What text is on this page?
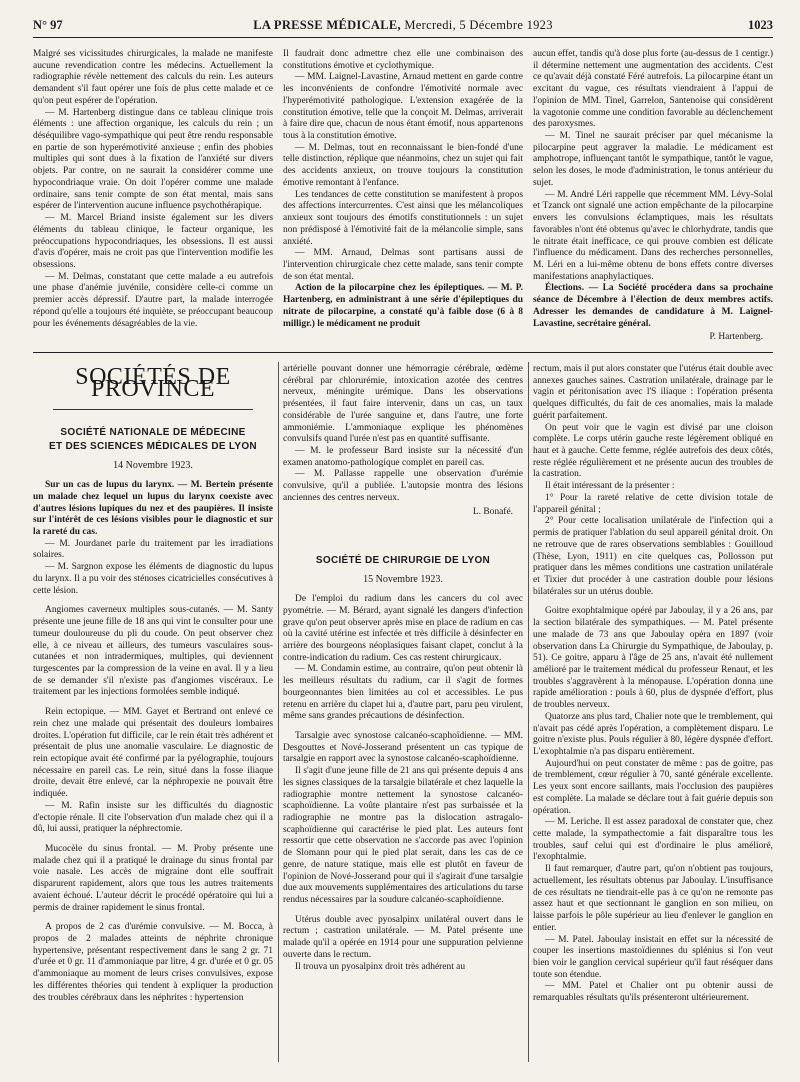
N° 97	LA PRESSE MÉDICALE, Mercredi, 5 Décembre 1923	1023

Malgré ses vicissitudes chirurgicales, la malade ne manifeste aucune revendication contre les médecins. Actuellement la radiographie révèle nettement des calculs du rein. Les auteurs demandent s'il faut opérer une fois de plus cette malade et ce qu'on peut espérer de l'opération.

— M. Hartenberg distingue dans ce tableau clinique trois éléments : une affection organique, les calculs du rein ; un déséquilibre vago-sympathique qui peut être rendu responsable en partie de son hyperémotivité anxieuse ; enfin des phobies multiples qui sont dues à la fixation de l'anxiété sur divers objets. Par contre, on ne saurait la considérer comme une hypocondriaque vraie. On doit l'opérer comme une malade ordinaire, sans tenir compte de son état mental, mais sans espérer de l'intervention aucune influence psychothérapique.

— M. Marcel Briand insiste également sur les divers éléments du tableau clinique, le facteur organique, les préoccupations hypocondriaques, les obsessions. Il est aussi d'avis d'opérer, mais ne croit pas que l'intervention modifie les obsessions.

— M. Delmas, constatant que cette malade a eu autrefois une phase d'anémie juvénile, considère celle-ci comme un premier accès dépressif. D'autre part, la malade interrogée répond qu'elle a toujours été inquiète, se préoccupant beaucoup pour les événements désagréables de la vie.

Il faudrait donc admettre chez elle une combinaison des constitutions émotive et cyclothymique.

— MM. Laignel-Lavastine, Arnaud mettent en garde contre les inconvénients de confondre l'émotivité normale avec l'hyperémotivité pathologique. L'extension exagérée de la constitution émotive, telle que la conçoit M. Delmas, arriverait à faire dire que, chacun de nous étant émotif, nous appartenons tous à la constitution émotive.

— M. Delmas, tout en reconnaissant le bien-fondé d'une telle distinction, réplique que néanmoins, chez un sujet qui fait des accidents anxieux, on trouve toujours la constitution émotive remontant à l'enfance.

Les tendances de cette constitution se manifestent à propos des affections intercurrentes. C'est ainsi que les mélancoliques anxieux sont toujours des émotifs constitutionnels : un sujet non prédisposé à l'émotivité fait de la mélancolie simple, sans anxiété.

— MM. Arnaud, Delmas sont partisans aussi de l'intervention chirurgicale chez cette malade, sans tenir compte de son état mental.

Action de la pilocarpine chez les épileptiques. — M. P. Hartenberg, en administrant à une série d'épileptiques du nitrate de pilocarpine, a constaté qu'à faible dose (6 à 8 milligr.) le médicament ne produit

aucun effet, tandis qu'à dose plus forte (au-dessus de 1 centigr.) il détermine nettement une augmentation des accidents. C'est ce qu'avait déjà constaté Féré autrefois. La pilocarpine étant un excitant du vague, ces résultats viendraient à l'appui de l'opinion de MM. Tinel, Garrelon, Santenoise qui considèrent la vagotonie comme une condition favorable au déclenchement des paroxysmes.

— M. Tinel ne saurait préciser par quel mécanisme la pilocarpine peut aggraver la maladie. Le médicament est amphotrope, influençant tantôt le sympathique, tantôt le vague, selon les doses, le mode d'administration, le tonus antérieur du sujet.

— M. André Léri rappelle que récemment MM. Lévy-Solal et Tzanck ont signalé une action empêchante de la pilocarpine envers les convulsions éclamptiques, mais les résultats favorables n'ont été obtenus qu'avec le chlorhydrate, tandis que le nitrate était inefficace, ce qui prouve combien est délicate l'influence du médicament. Dans des recherches personnelles, M. Léri en a lui-même obtenu de bons effets contre diverses manifestations anaphylactiques.

Élections. — La Société procédera dans sa prochaine séance de Décembre à l'élection de deux membres actifs. Adresser les demandes de candidature à M. Laignel-Lavastine, secrétaire général.

P. Hartenberg.

SOCIÉTÉS DE PROVINCE
SOCIÉTÉ NATIONALE DE MÉDECINE
ET DES SCIENCES MÉDICALES DE LYON
14 Novembre 1923.

Sur un cas de lupus du larynx. — M. Bertein présente un malade chez lequel un lupus du larynx coexiste avec d'autres lésions lupiques du nez et des paupières. Il insiste sur l'intérêt de ces lésions visibles pour le diagnostic et sur la rareté du cas.

— M. Jourdanet parle du traitement par les irradiations solaires.

— M. Sargnon expose les éléments de diagnostic du lupus du larynx. Il a pu voir des sténoses cicatricielles consécutives à cette lésion.

Angiomes caverneux multiples sous-cutanés. — M. Santy présente une jeune fille de 18 ans qui vint le consulter pour une tumeur douloureuse du pli du coude. On peut observer chez elle, à ce niveau et ailleurs, des tumeurs vasculaires sous-cutanées et non intradermiques, multiples, qui deviennent turgescentes par la compression de la veine en aval. Il y a lieu de se demander s'il n'existe pas d'angiomes viscéraux. Le traitement par les injections formolées semble indiqué.

Rein ectopique. — MM. Gayet et Bertrand ont enlevé ce rein chez une malade qui présentait des douleurs lombaires droites. L'opération fut difficile, car le rein était très adhérent et présentait de plus une anomalie vasculaire. Le diagnostic de rein ectopique avait été confirmé par la pyélographie, toujours nécessaire en pareil cas. Le rein, situé dans la fosse iliaque droite, devait être enlevé, car la néphropexie ne pouvait être indiquée.

— M. Rafin insiste sur les difficultés du diagnostic d'ectopie rénale. Il cite l'observation d'un malade chez qui il a dû, lui aussi, pratiquer la néphrectomie.

Mucocèle du sinus frontal. — M. Proby présente une malade chez qui il a pratiqué le drainage du sinus frontal par voie nasale. Les accès de migraine dont elle souffrait disparurent rapidement, alors que tous les autres traitements avaient échoué. L'auteur décrit le procédé opératoire qui lui a permis de drainer rapidement le sinus frontal.

A propos de 2 cas d'urémie convulsive. — M. Bocca, à propos de 2 malades atteints de néphrite chronique hypertensive, présentant respectivement dans le sang 2 gr. 71 d'urée et 0 gr. 11 d'ammoniaque par litre, 4 gr. d'urée et 0 gr. 05 d'ammoniaque au moment de leurs crises convulsives, expose les différentes théories qui tendent à expliquer la production des troubles cérébraux dans les néphrites : hypertension

artérielle pouvant donner une hémorragie cérébrale, œdème cérébral par chlorurémie, intoxication azotée des centres nerveux, méningite urémique. Dans les observations présentées, il faut faire intervenir, dans un cas, un taux considérable de l'urée sanguine et, dans l'autre, une forte ammoniémie. L'ammoniaque explique les phénomènes convulsifs quand l'urée n'est pas en quantité suffisante.

— M. le professeur Bard insiste sur la nécessité d'un examen anatomo-pathologique complet en pareil cas.

— M. Pallasse rappelle une observation d'urémie convulsive, qu'il a publiée. L'autopsie montra des lésions anciennes des centres nerveux.

L. Bonafé.

SOCIÉTÉ DE CHIRURGIE DE LYON
15 Novembre 1923.

De l'emploi du radium dans les cancers du col avec pyométrie. — M. Bérard, ayant signalé les dangers d'infection grave qu'on peut observer après mise en place de radium en cas où la cavité utérine est infectée et très difficile à désinfecter en arrière des bourgeons néoplasiques faisant clapet, conclut à la contre-indication du radium. Ces cas restent chirurgicaux.

— M. Condamin estime, au contraire, qu'on peut obtenir là les meilleurs résultats du radium, car il s'agit de formes bourgeonnantes bien limitées au col et accessibles. Le pus retenu en arrière du clapet lui a, d'autre part, paru peu virulent, même sans grandes précautions de désinfection.

Tarsalgie avec synostose calcanéo-scaphoïdienne. — MM. Desgouttes et Nové-Josserand présentent un cas typique de tarsalgie en rapport avec la synostose calcanéo-scaphoïdienne.

Il s'agit d'une jeune fille de 21 ans qui présente depuis 4 ans les signes classiques de la tarsalgie bilatérale et chez laquelle la radiographie montre nettement la synostose calcanéo-scaphoïdienne. La voûte plantaire n'est pas surbaissée et la radiographie ne montre pas la dislocation astragalo-scaphoïdienne qui caractérise le pied plat. Les auteurs font ressortir que cette observation ne s'accorde pas avec l'opinion de Slomann pour qui le pied plat serait, dans les cas de ce genre, de nature statique, mais elle est plutôt en faveur de l'opinion de Nové-Josserand pour qui il s'agirait d'une tarsalgie due aux mouvements supplémentaires des articulations du tarse rendus nécessaires par la soudure calcanéo-scaphoïdienne.

Utérus double avec pyosalpinx unilatéral ouvert dans le rectum ; castration unilatérale. — M. Patel présente une malade qu'il a opérée en 1914 pour une suppuration pelvienne ouverte dans le rectum.

Il trouva un pyosalpinx droit très adhérent au

rectum, mais il put alors constater que l'utérus était double avec annexes gauches saines. Castration unilatérale, drainage par le vagin et péritonisation avec l'S iliaque : l'opération présenta quelques difficultés, du fait de ces anomalies, mais la malade guérit parfaitement.

On peut voir que le vagin est divisé par une cloison complète. Le corps utérin gauche reste légèrement obliqué en haut et à gauche. Cette femme, réglée autrefois des deux côtés, reste réglée régulièrement et ne présente aucun des troubles de la castration.

Il était intéressant de la présenter :

1° Pour la rareté relative de cette division totale de l'appareil génital ;

2° Pour cette localisation unilatérale de l'infection qui a permis de pratiquer l'ablation du seul appareil génital droit. On ne retrouve que de rares observations semblables : Gouilloud (Thèse, Lyon, 1911) en cite quelques cas, Pollosson put pratiquer dans les mêmes conditions une castration unilatérale et Tixier dut procéder à une castration double pour lésions bilatérales sur un utérus double.

Goitre exophtalmique opéré par Jaboulay, il y a 26 ans, par la section bilatérale des sympathiques. — M. Patel présente une malade de 73 ans que Jaboulay opéra en 1897 (voir observation dans La Chirurgie du Sympathique, de Jaboulay, p. 51). Ce goitre, apparu à l'âge de 25 ans, n'avait été nullement amélioré par le traitement médical du professeur Renaut, et les troubles s'aggravèrent à la ménopause. L'opération donna une rapide amélioration : pouls à 60, plus de dyspnée d'effort, plus de troubles nerveux.

Quatorze ans plus tard, Chalier note que le tremblement, qui n'avait pas cédé après l'opération, a complètement disparu. Le goitre n'existe plus. Pouls régulier à 80, légère dyspnée d'effort. L'exophtalmie n'a pas disparu entièrement.

Aujourd'hui on peut constater de même : pas de goitre, pas de tremblement, cœur régulier à 70, santé générale excellente. Les yeux sont encore saillants, mais l'occlusion des paupières est complète. La malade se déclare tout à fait guérie depuis son opération.

— M. Leriche. Il est assez paradoxal de constater que, chez cette malade, la sympathectomie a fait disparaître tous les troubles, sauf celui qui est d'ordinaire le plus amélioré, l'exophtalmie.

Il faut remarquer, d'autre part, qu'on n'obtient pas toujours, actuellement, les résultats obtenus par Jaboulay. L'insuffisance de ces résultats ne tiendrait-elle pas à ce qu'on ne remonte pas assez haut et que sectionnant le ganglion en son milieu, on laisse parfois le pôle supérieur au lieu d'enlever le ganglion en entier.

— M. Patel. Jaboulay insistait en effet sur la nécessité de couper les insertions mastoïdiennes du splénius si l'on veut bien voir le ganglion cervical supérieur qu'il faut réséquer dans toute son étendue.

— MM. Patel et Chalier ont pu obtenir aussi de remarquables résultats qu'ils présenteront ultérieurement.
